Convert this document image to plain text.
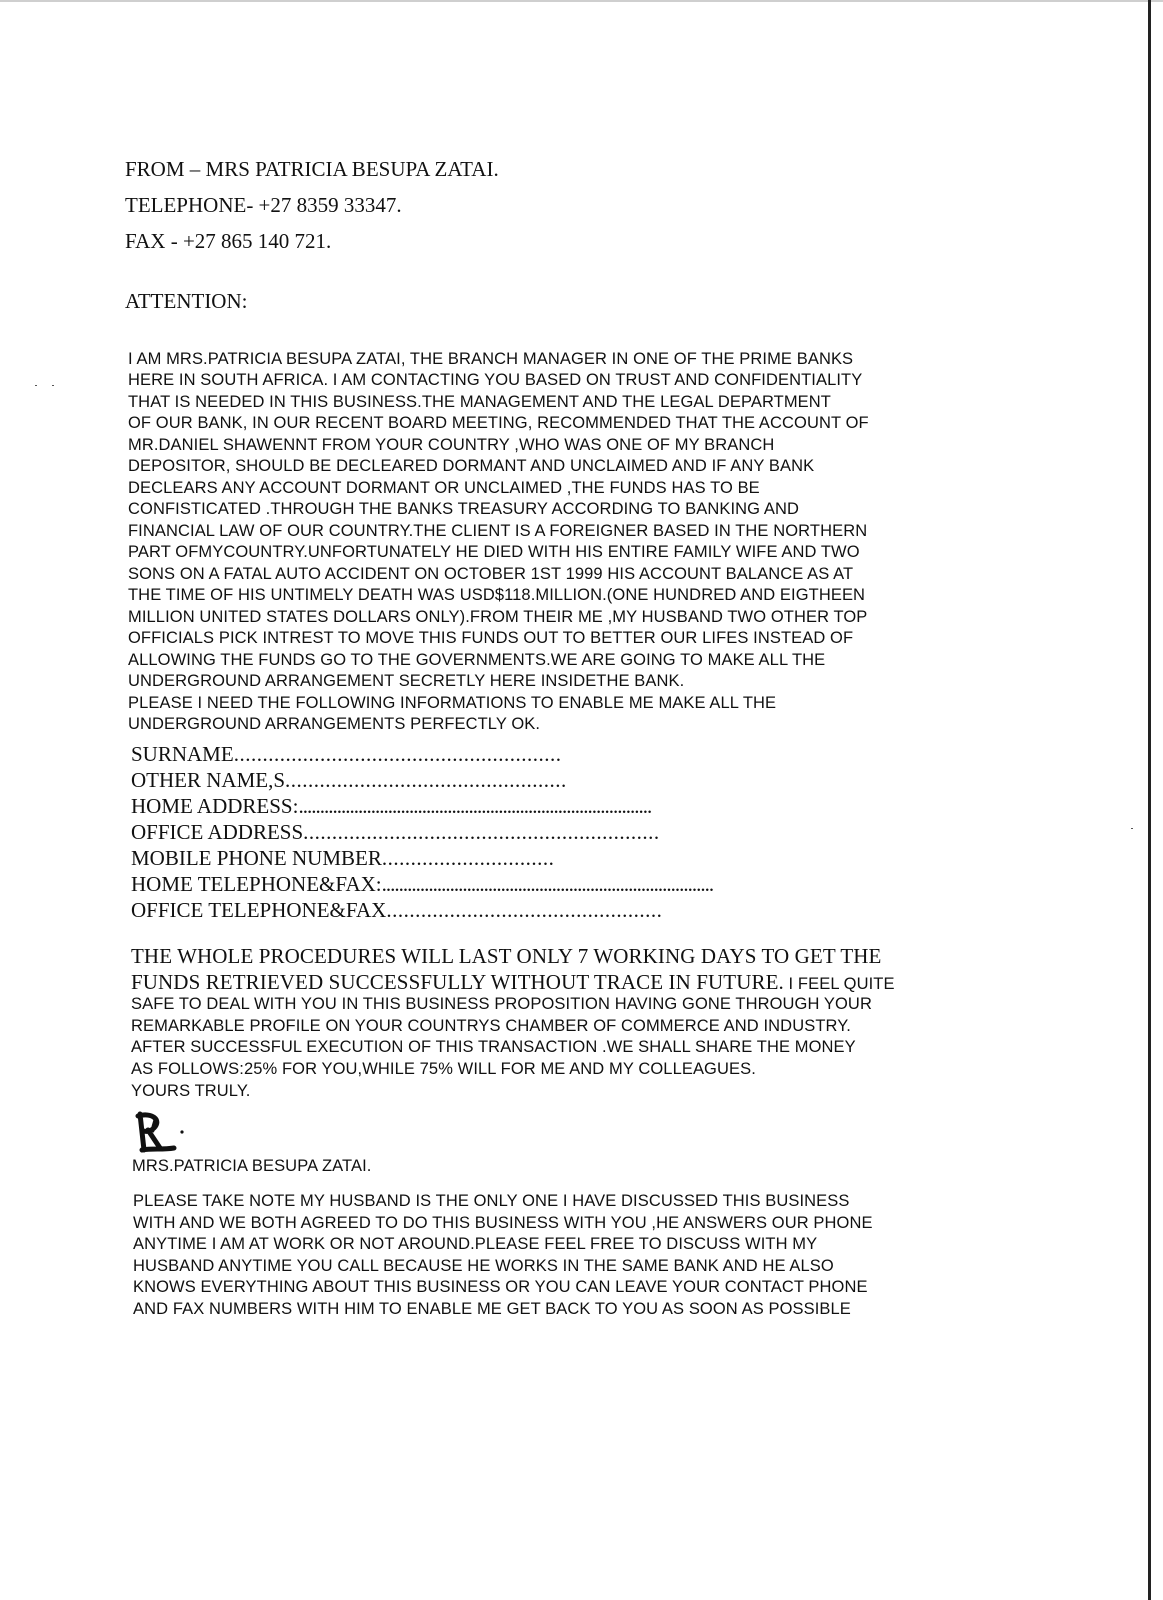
FROM – MRS PATRICIA BESUPA ZATAI.
TELEPHONE- +27 8359 33347.
FAX - +27 865 140 721.
ATTENTION:
I AM MRS.PATRICIA BESUPA ZATAI, THE BRANCH MANAGER IN ONE OF THE PRIME BANKS
HERE IN SOUTH AFRICA. I AM CONTACTING YOU BASED ON TRUST AND CONFIDENTIALITY
THAT IS NEEDED IN THIS BUSINESS.THE MANAGEMENT AND THE LEGAL DEPARTMENT
OF OUR BANK, IN OUR RECENT BOARD MEETING, RECOMMENDED THAT THE ACCOUNT OF
MR.DANIEL SHAWENNT FROM YOUR COUNTRY ,WHO WAS ONE OF MY BRANCH
DEPOSITOR, SHOULD BE DECLEARED DORMANT AND UNCLAIMED AND IF ANY BANK
DECLEARS ANY ACCOUNT DORMANT OR UNCLAIMED ,THE FUNDS HAS TO BE
CONFISTICATED .THROUGH THE BANKS TREASURY ACCORDING TO BANKING AND
FINANCIAL LAW OF OUR COUNTRY.THE CLIENT IS A FOREIGNER BASED IN THE NORTHERN
PART OFMYCOUNTRY.UNFORTUNATELY HE DIED WITH HIS ENTIRE FAMILY WIFE AND TWO
SONS ON A FATAL AUTO ACCIDENT ON OCTOBER 1ST 1999 HIS ACCOUNT BALANCE AS AT
THE TIME OF HIS UNTIMELY DEATH WAS USD$118.MILLION.(ONE HUNDRED AND EIGTHEEN
MILLION UNITED STATES DOLLARS ONLY).FROM THEIR ME ,MY HUSBAND TWO OTHER TOP
OFFICIALS PICK INTREST TO MOVE THIS FUNDS OUT TO BETTER OUR LIFES INSTEAD OF
ALLOWING THE FUNDS GO TO THE GOVERNMENTS.WE ARE GOING TO MAKE ALL THE
UNDERGROUND ARRANGEMENT SECRETLY HERE INSIDETHE BANK.
PLEASE I NEED THE FOLLOWING INFORMATIONS TO ENABLE ME MAKE ALL THE
UNDERGROUND ARRANGEMENTS PERFECTLY OK.
SURNAME.........................................................
OTHER NAME,S.................................................
HOME ADDRESS:...................................................................................
OFFICE ADDRESS..............................................................
MOBILE PHONE NUMBER..............................
HOME TELEPHONE&FAX:..............................................................................
OFFICE TELEPHONE&FAX................................................
THE WHOLE PROCEDURES WILL LAST ONLY 7 WORKING DAYS TO GET THE
FUNDS RETRIEVED SUCCESSFULLY WITHOUT TRACE IN FUTURE. I FEEL QUITE
SAFE TO DEAL WITH YOU IN THIS BUSINESS PROPOSITION HAVING GONE THROUGH YOUR
REMARKABLE PROFILE ON YOUR COUNTRYS CHAMBER OF COMMERCE AND INDUSTRY.
AFTER SUCCESSFUL EXECUTION OF THIS TRANSACTION .WE SHALL SHARE THE MONEY
AS FOLLOWS:25% FOR YOU,WHILE 75% WILL FOR ME AND MY COLLEAGUES.
YOURS TRULY.
MRS.PATRICIA BESUPA ZATAI.
PLEASE TAKE NOTE MY HUSBAND IS THE ONLY ONE I HAVE DISCUSSED THIS BUSINESS
WITH AND WE BOTH AGREED TO DO THIS BUSINESS WITH YOU ,HE ANSWERS OUR PHONE
ANYTIME I AM AT WORK OR NOT AROUND.PLEASE FEEL FREE TO DISCUSS WITH MY
HUSBAND ANYTIME YOU CALL BECAUSE HE WORKS IN THE SAME BANK AND HE ALSO
KNOWS EVERYTHING ABOUT THIS BUSINESS OR YOU CAN LEAVE YOUR CONTACT PHONE
AND FAX NUMBERS WITH HIM TO ENABLE ME GET BACK TO YOU AS SOON AS POSSIBLE
